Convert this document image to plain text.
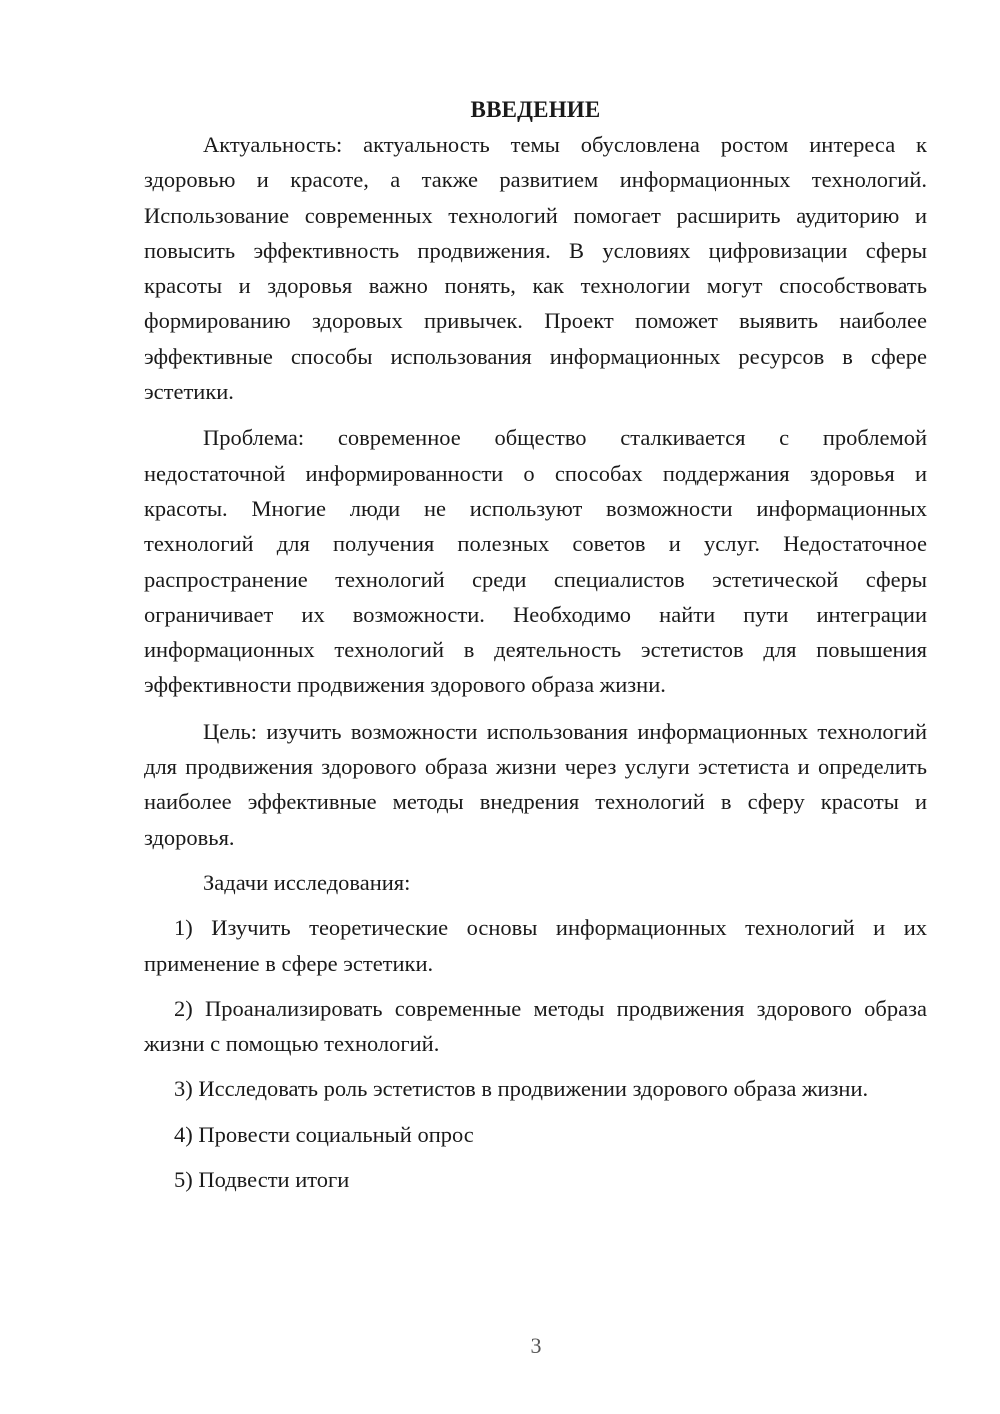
ВВЕДЕНИЕ

Актуальность: актуальность темы обусловлена ростом интереса к здоровью и красоте, а также развитием информационных технологий. Использование современных технологий помогает расширить аудиторию и повысить эффективность продвижения. В условиях цифровизации сферы красоты и здоровья важно понять, как технологии могут способствовать формированию здоровых привычек. Проект поможет выявить наиболее эффективные способы использования информационных ресурсов в сфере эстетики.

Проблема: современное общество сталкивается с проблемой недостаточной информированности о способах поддержания здоровья и красоты. Многие люди не используют возможности информационных технологий для получения полезных советов и услуг. Недостаточное распространение технологий среди специалистов эстетической сферы ограничивает их возможности. Необходимо найти пути интеграции информационных технологий в деятельность эстетистов для повышения эффективности продвижения здорового образа жизни.

Цель: изучить возможности использования информационных технологий для продвижения здорового образа жизни через услуги эстетиста и определить наиболее эффективные методы внедрения технологий в сферу красоты и здоровья.

Задачи исследования:

1) Изучить теоретические основы информационных технологий и их применение в сфере эстетики.

2) Проанализировать современные методы продвижения здорового образа жизни с помощью технологий.

3) Исследовать роль эстетистов в продвижении здорового образа жизни.

4) Провести социальный опрос

5) Подвести итоги

3
